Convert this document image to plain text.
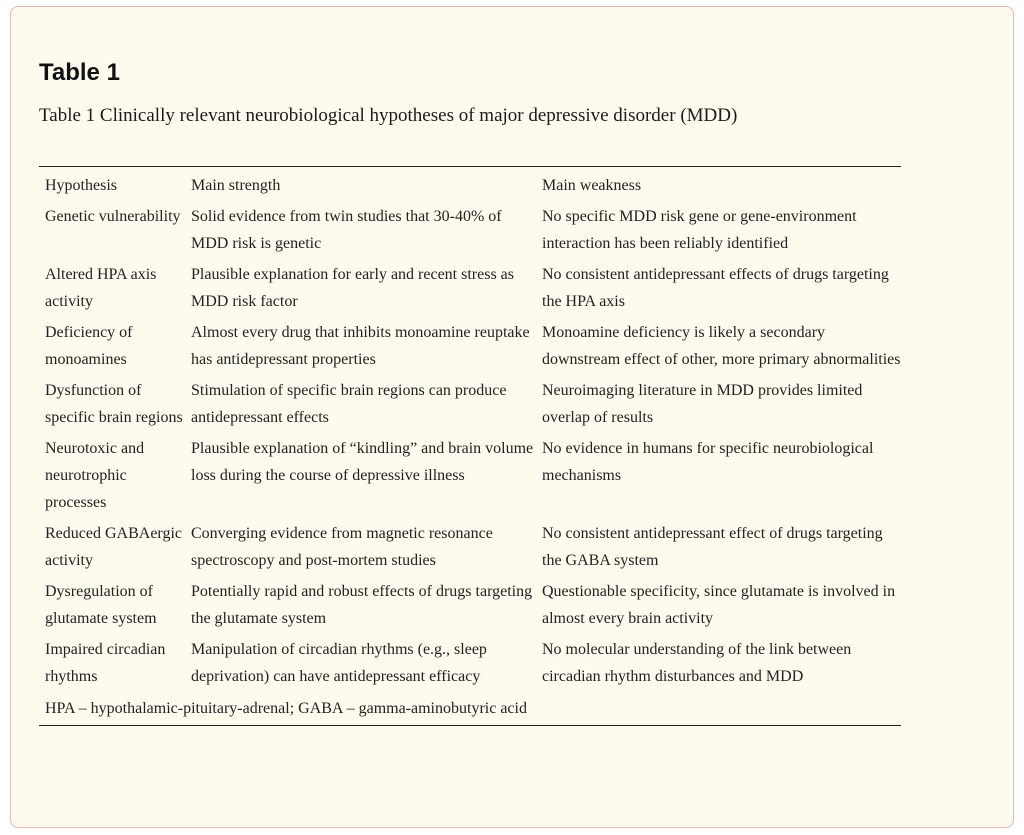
Table 1

Table 1 Clinically relevant neurobiological hypotheses of major depressive disorder (MDD)

Hypothesis	Main strength	Main weakness
Genetic vulnerability	Solid evidence from twin studies that 30-40% of MDD risk is genetic	No specific MDD risk gene or gene-environment interaction has been reliably identified
Altered HPA axis activity	Plausible explanation for early and recent stress as MDD risk factor	No consistent antidepressant effects of drugs targeting the HPA axis
Deficiency of monoamines	Almost every drug that inhibits monoamine reuptake has antidepressant properties	Monoamine deficiency is likely a secondary downstream effect of other, more primary abnormalities
Dysfunction of specific brain regions	Stimulation of specific brain regions can produce antidepressant effects	Neuroimaging literature in MDD provides limited overlap of results
Neurotoxic and neurotrophic processes	Plausible explanation of “kindling” and brain volume loss during the course of depressive illness	No evidence in humans for specific neurobiological mechanisms
Reduced GABAergic activity	Converging evidence from magnetic resonance spectroscopy and post-mortem studies	No consistent antidepressant effect of drugs targeting the GABA system
Dysregulation of glutamate system	Potentially rapid and robust effects of drugs targeting the glutamate system	Questionable specificity, since glutamate is involved in almost every brain activity
Impaired circadian rhythms	Manipulation of circadian rhythms (e.g., sleep deprivation) can have antidepressant efficacy	No molecular understanding of the link between circadian rhythm disturbances and MDD
HPA – hypothalamic-pituitary-adrenal; GABA – gamma-aminobutyric acid		
